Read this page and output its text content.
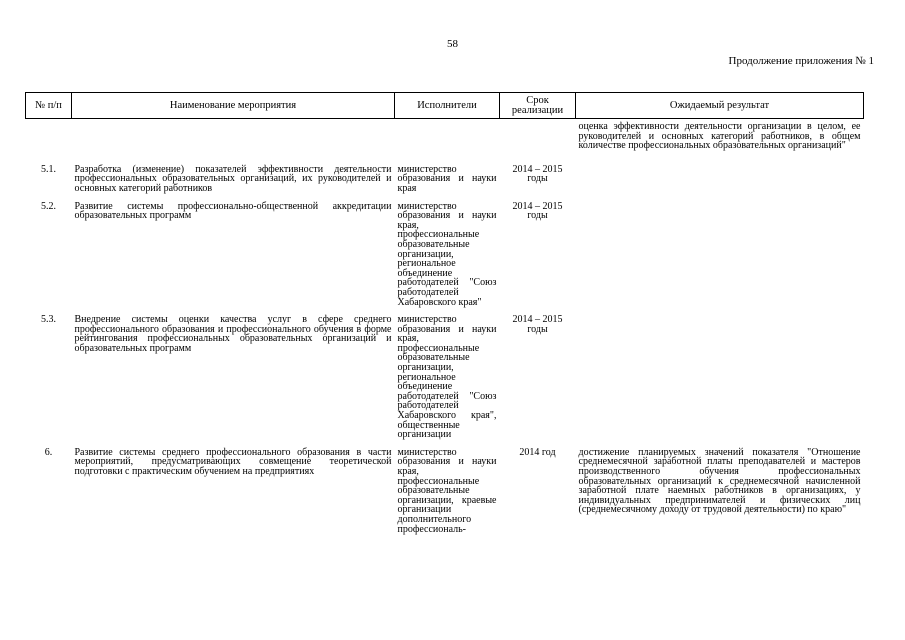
58
Продолжение приложения № 1
№ п/п	Наименование мероприятия	Исполнители	Срок реализации	Ожидаемый результат
				оценка эффективности деятельности организации в целом, ее руководителей и основных категорий работников, в общем количестве профессиональных образовательных организаций"
5.1.	Разработка (изменение) показателей эффективности деятельности профессиональных образовательных организаций, их руководителей и основных категорий работников	министерство образования и науки края	2014 – 2015 годы	
5.2.	Развитие системы профессионально-общественной аккредитации образовательных программ	министерство образования и науки края, профессиональные образовательные организации, региональное объединение работодателей "Союз работодателей Хабаровского края"	2014 – 2015 годы	
5.3.	Внедрение системы оценки качества услуг в сфере среднего профессионального образования и профессионального обучения в форме рейтингования профессиональных образовательных организаций и образовательных программ	министерство образования и науки края, профессиональные образовательные организации, региональное объединение работодателей "Союз работодателей Хабаровского края", общественные организации	2014 – 2015 годы	
6.	Развитие системы среднего профессионального образования в части мероприятий, предусматривающих совмещение теоретической подготовки с практическим обучением на предприятиях	министерство образования и науки края, профессиональные образовательные организации, краевые организации дополнительного профессиональ-	2014 год	достижение планируемых значений показателя "Отношение среднемесячной заработной платы преподавателей и мастеров производственного обучения профессиональных образовательных организаций к среднемесячной начисленной заработной плате наемных работников в организациях, у индивидуальных предпринимателей и физических лиц (среднемесячному доходу от трудовой деятельности) по краю"
